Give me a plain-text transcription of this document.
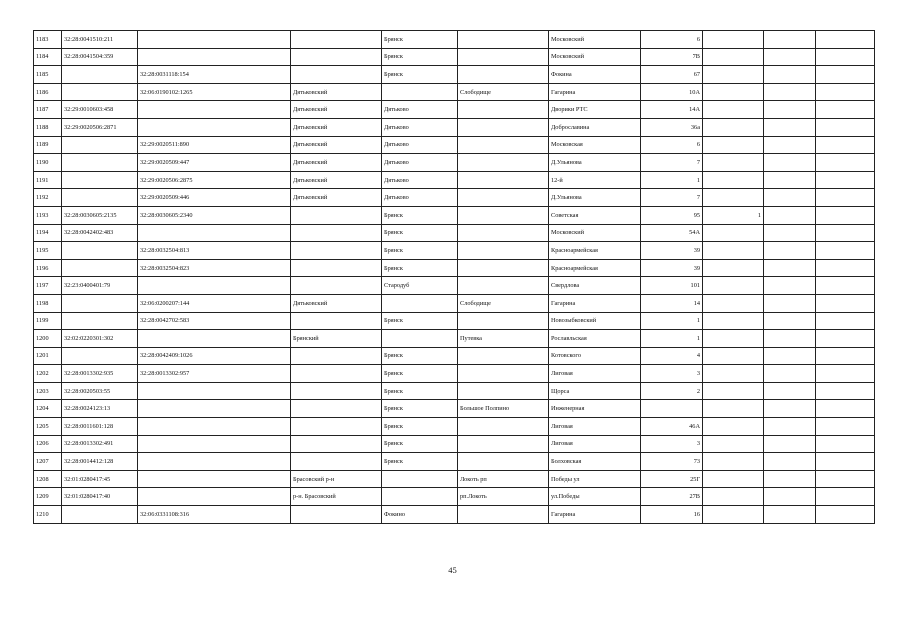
1183	32:28:0041510:211			Брянск		Московский	6			
1184	32:28:0041504:359			Брянск		Московский	7В			
1185		32:28:0031118:154		Брянск		Фокина	67			
1186		32:06:0190102:1265	Дятьковский		Слободище	Гагарина	10А			
1187	32:29:0010603:458		Дятьковский	Дятьково		Дворики РТС	14А			
1188	32:29:0020506:2871		Дятьковский	Дятьково		Доброславина	36а			
1189		32:29:0020511:890	Дятьковский	Дятьково		Московская	6			
1190		32:29:0020509:447	Дятьковский	Дятьково		Д.Ульянова	7			
1191		32:29:0020506:2875	Дятьковский	Дятьково		12-й	1			
1192		32:29:0020509:446	Дятьковский	Дятьково		Д.Ульянова	7			
1193	32:28:0030605:2135	32:28:0030605:2340		Брянск		Советская	95	1		
1194	32:28:0042402:483			Брянск		Московский	54А			
1195		32:28:0032504:813		Брянск		Красноармейская	39			
1196		32:28:0032504:823		Брянск		Красноармейская	39			
1197	32:23:0400401:79			Стародуб		Свердлова	101			
1198		32:06:0200207:144	Дятьковский		Слободище	Гагарина	14			
1199		32:28:0042702:583		Брянск		Новозыбковский	1			
1200	32:02:0220301:302		Брянский		Путевка	Рославльская	1			
1201		32:28:0042409:1026		Брянск		Котовского	4			
1202	32:28:0013302:935	32:28:0013302:957		Брянск		Лиговая	3			
1203	32:28:0020503:55			Брянск		Щорса	2			
1204	32:28:0024123:13			Брянск	Большое Полпино	Инженерная				
1205	32:28:0011601:128			Брянск		Лиговая	46А			
1206	32:28:0013302:491			Брянск		Лиговая	3			
1207	32:28:0014412:128			Брянск		Болховская	73			
1208	32:01:0280417:45		Брасовский р-н		Локоть рп	Победы ул	25Г			
1209	32:01:0280417:40		р-н. Брасовский		рп.Локоть	ул.Победы	27В			
1210		32:06:0331108:316		Фокино		Гагарина	16			
45
